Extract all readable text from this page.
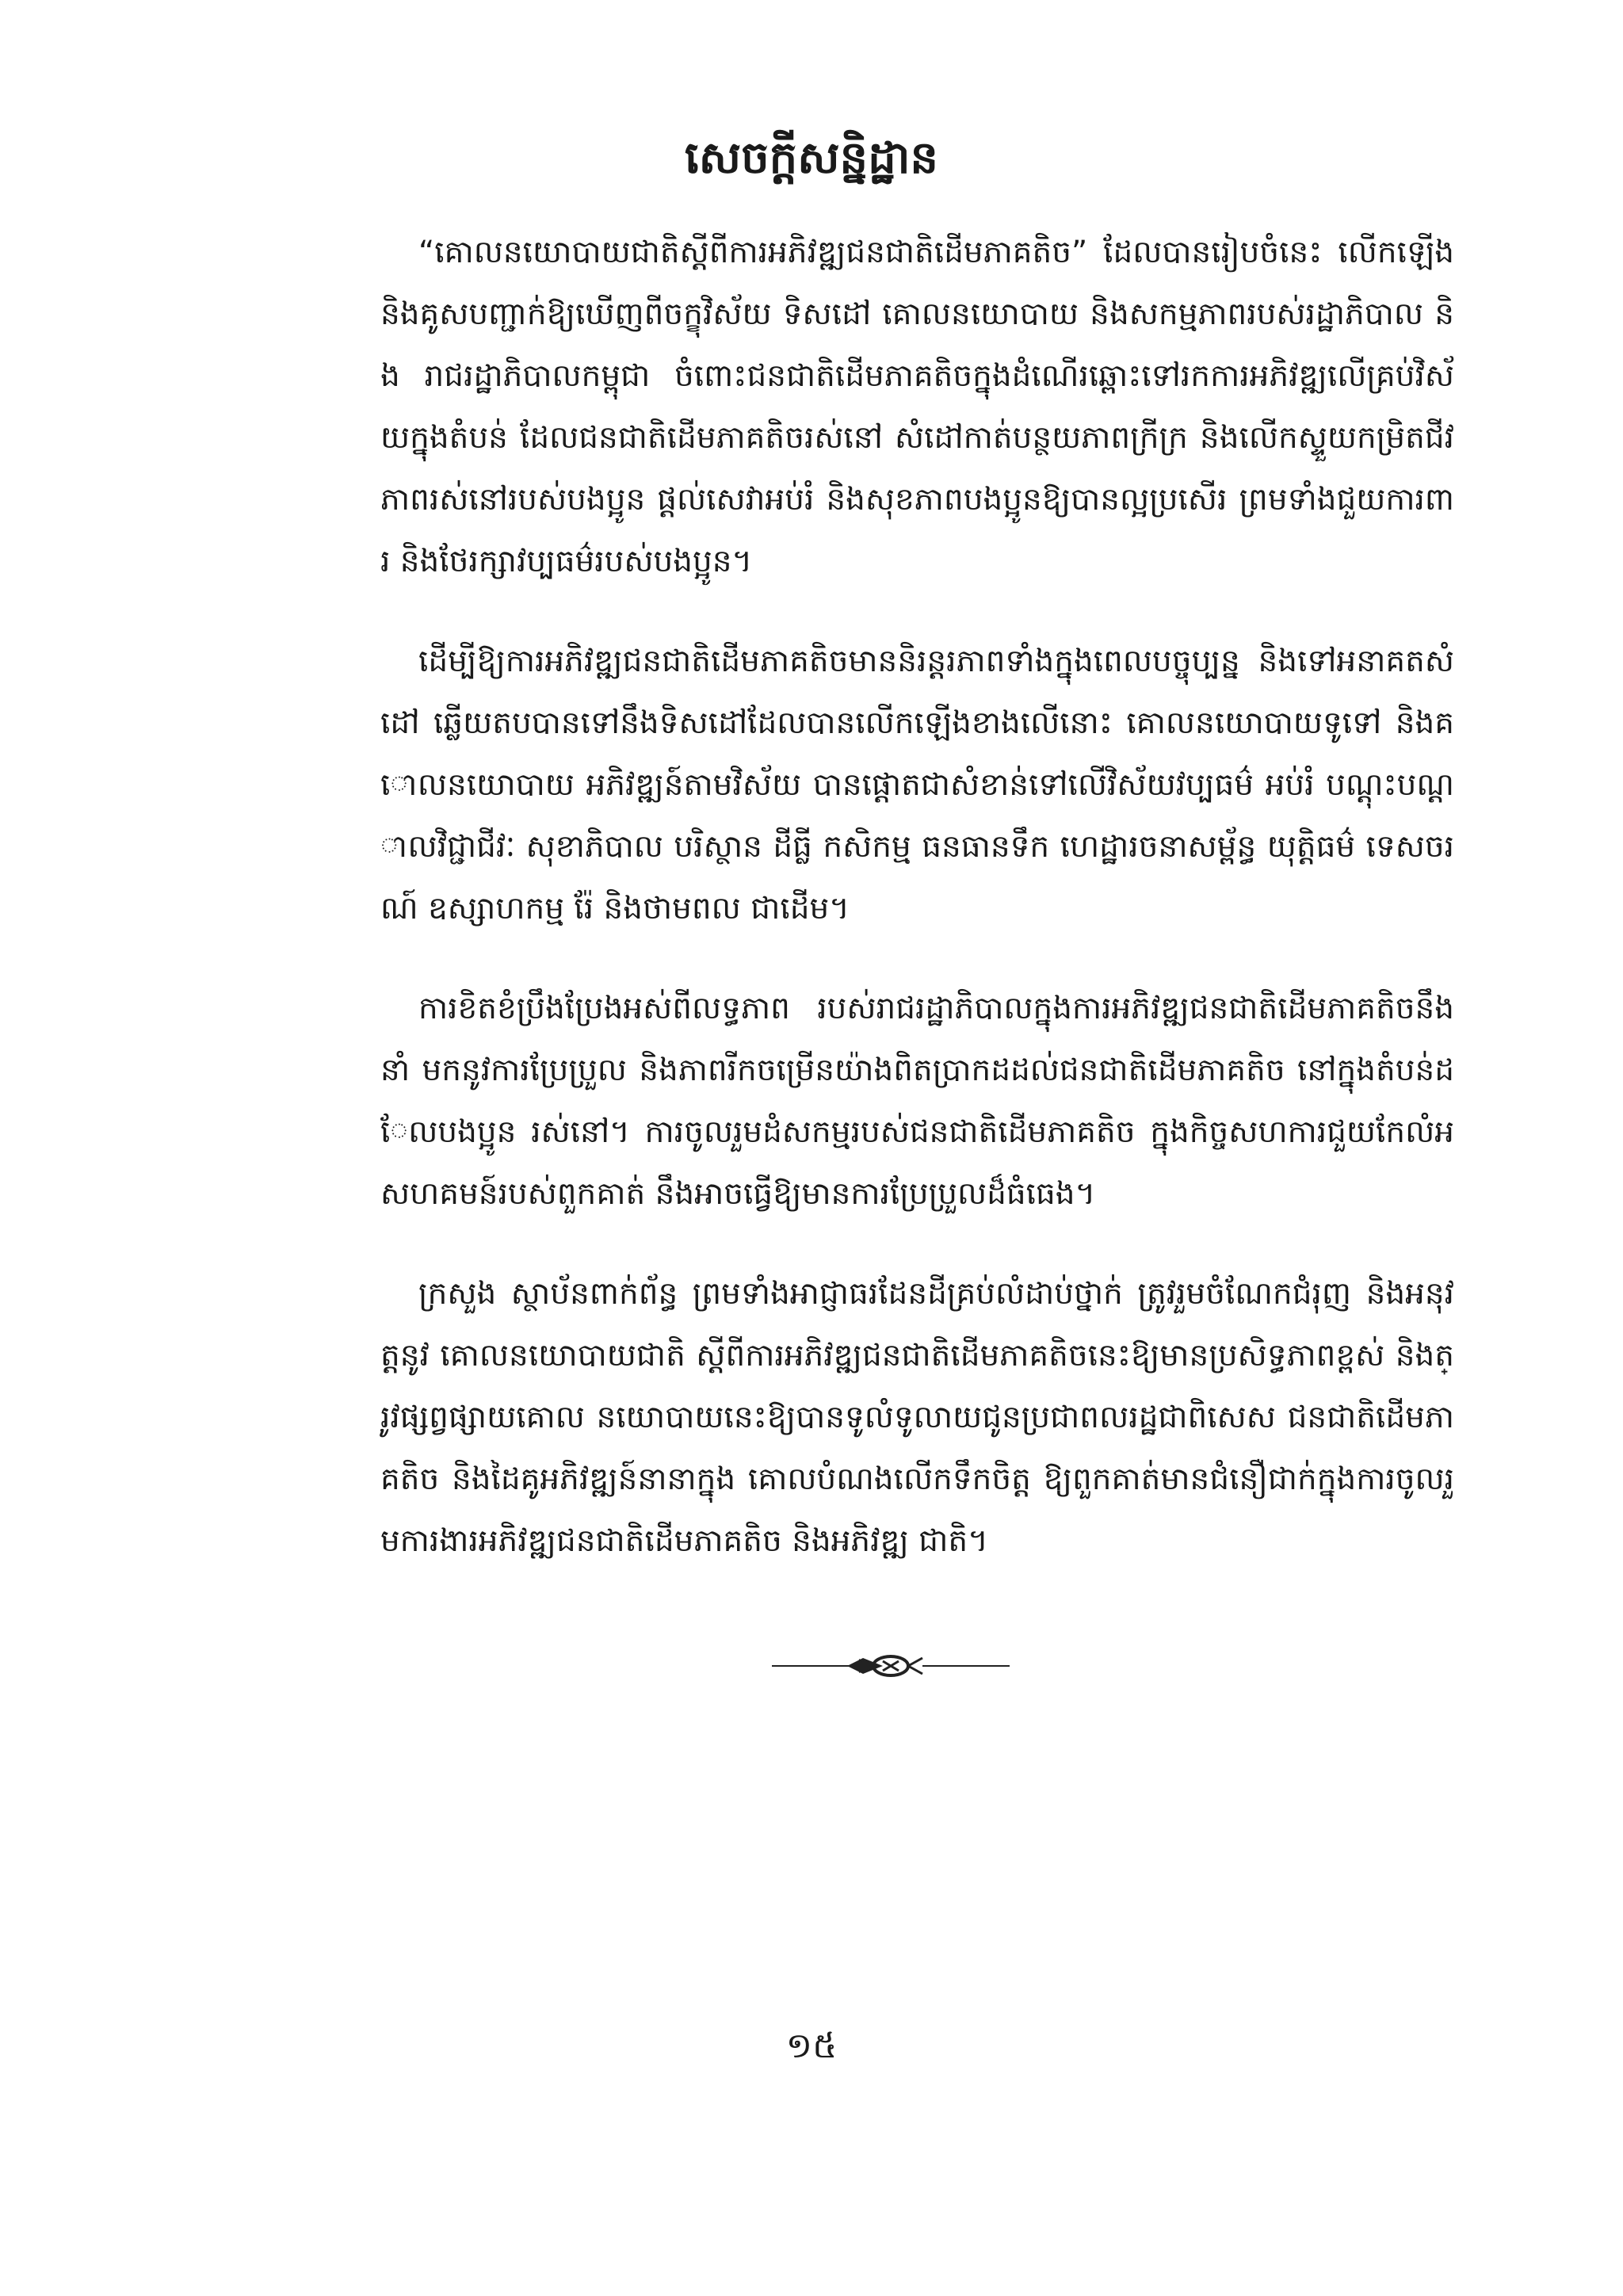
សេចក្តីសន្និដ្ឋាន

“គោលនយោបាយជាតិស្តីពីការអភិវឌ្ឍជនជាតិដើមភាគតិច” ដែលបានរៀបចំនេះ លើកឡើង និងគូសបញ្ជាក់ឱ្យឃើញពីចក្ខុវិស័យ ទិសដៅ គោលនយោបាយ និងសកម្មភាពរបស់រដ្ឋាភិបាល និង រាជរដ្ឋាភិបាលកម្ពុជា ចំពោះជនជាតិដើមភាគតិចក្នុងដំណើរឆ្ពោះទៅរកការអភិវឌ្ឍលើគ្រប់វិស័យក្នុងតំបន់ ដែលជនជាតិដើមភាគតិចរស់នៅ សំដៅកាត់បន្ថយភាពក្រីក្រ និងលើកស្ទួយកម្រិតជីវភាពរស់នៅរបស់បងប្អូន ផ្តល់សេវាអប់រំ និងសុខភាពបងប្អូនឱ្យបានល្អប្រសើរ ព្រមទាំងជួយការពារ និងថែរក្សាវប្បធម៌របស់បងប្អូន។

ដើម្បីឱ្យការអភិវឌ្ឍជនជាតិដើមភាគតិចមាននិរន្តរភាពទាំងក្នុងពេលបច្ចុប្បន្ន និងទៅអនាគតសំដៅ ឆ្លើយតបបានទៅនឹងទិសដៅដែលបានលើកឡើងខាងលើនោះ គោលនយោបាយទូទៅ និងគោលនយោបាយ អភិវឌ្ឍន៍តាមវិស័យ បានផ្តោតជាសំខាន់ទៅលើវិស័យវប្បធម៌ អប់រំ បណ្តុះបណ្តាលវិជ្ជាជីវៈ សុខាភិបាល បរិស្ថាន ដីធ្លី កសិកម្ម ធនធានទឹក ហេដ្ឋារចនាសម្ព័ន្ធ យុត្តិធម៌ ទេសចរណ៍ ឧស្សាហកម្ម រ៉ែ និងថាមពល ជាដើម។

ការខិតខំប្រឹងប្រែងអស់ពីលទ្ធភាព របស់រាជរដ្ឋាភិបាលក្នុងការអភិវឌ្ឍជនជាតិដើមភាគតិចនឹងនាំ មកនូវការប្រែប្រួល និងភាពរីកចម្រើនយ៉ាងពិតប្រាកដដល់ជនជាតិដើមភាគតិច នៅក្នុងតំបន់ដែលបងប្អូន រស់នៅ។ ការចូលរួមដំសកម្មរបស់ជនជាតិដើមភាគតិច ក្នុងកិច្ចសហការជួយកែលំអសហគមន៍របស់ពួកគាត់ នឹងអាចធ្វើឱ្យមានការប្រែប្រួលដ៏ធំធេង។

ក្រសួង ស្ថាប័នពាក់ព័ន្ធ ព្រមទាំងអាជ្ញាធរដែនដីគ្រប់លំដាប់ថ្នាក់ ត្រូវរួមចំណែកជំរុញ និងអនុវត្តនូវ គោលនយោបាយជាតិ ស្តីពីការអភិវឌ្ឍជនជាតិដើមភាគតិចនេះឱ្យមានប្រសិទ្ធភាពខ្ពស់ និងត្រូវផ្សព្វផ្សាយគោល នយោបាយនេះឱ្យបានទូលំទូលាយជូនប្រជាពលរដ្ឋជាពិសេស ជនជាតិដើមភាគតិច និងដៃគូអភិវឌ្ឍន៍នានាក្នុង គោលបំណងលើកទឹកចិត្ត ឱ្យពួកគាត់មានជំនឿជាក់ក្នុងការចូលរួមការងារអភិវឌ្ឍជនជាតិដើមភាគតិច និងអភិវឌ្ឍ ជាតិ។

១៥
